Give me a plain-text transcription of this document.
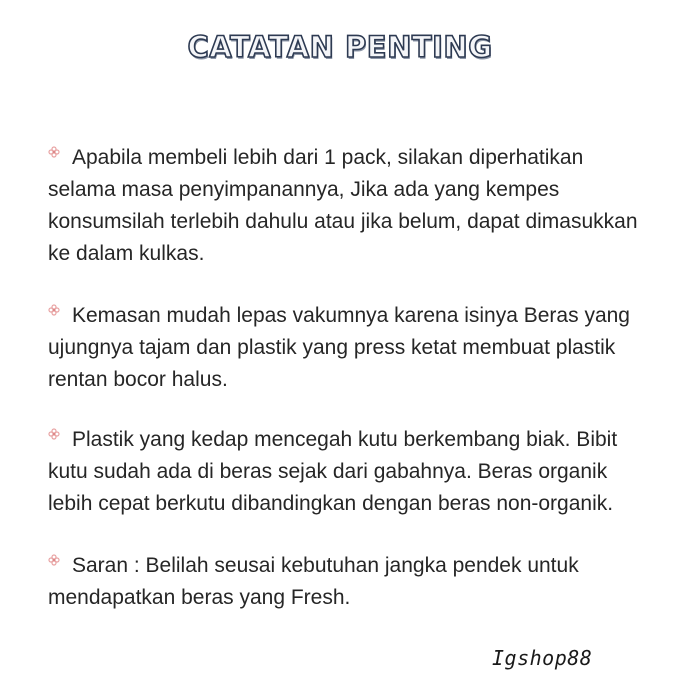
CATATAN PENTING

Apabila membeli lebih dari 1 pack, silakan diperhatikan selama masa penyimpanannya, Jika ada yang kempes konsumsilah terlebih dahulu atau jika belum, dapat dimasukkan ke dalam kulkas.

Kemasan mudah lepas vakumnya karena isinya Beras yang ujungnya tajam dan plastik yang press ketat membuat plastik rentan bocor halus.

Plastik yang kedap mencegah kutu berkembang biak. Bibit kutu sudah ada di beras sejak dari gabahnya. Beras organik lebih cepat berkutu dibandingkan dengan beras non-organik.

Saran : Belilah seusai kebutuhan jangka pendek untuk mendapatkan beras yang Fresh.

Igshop88
